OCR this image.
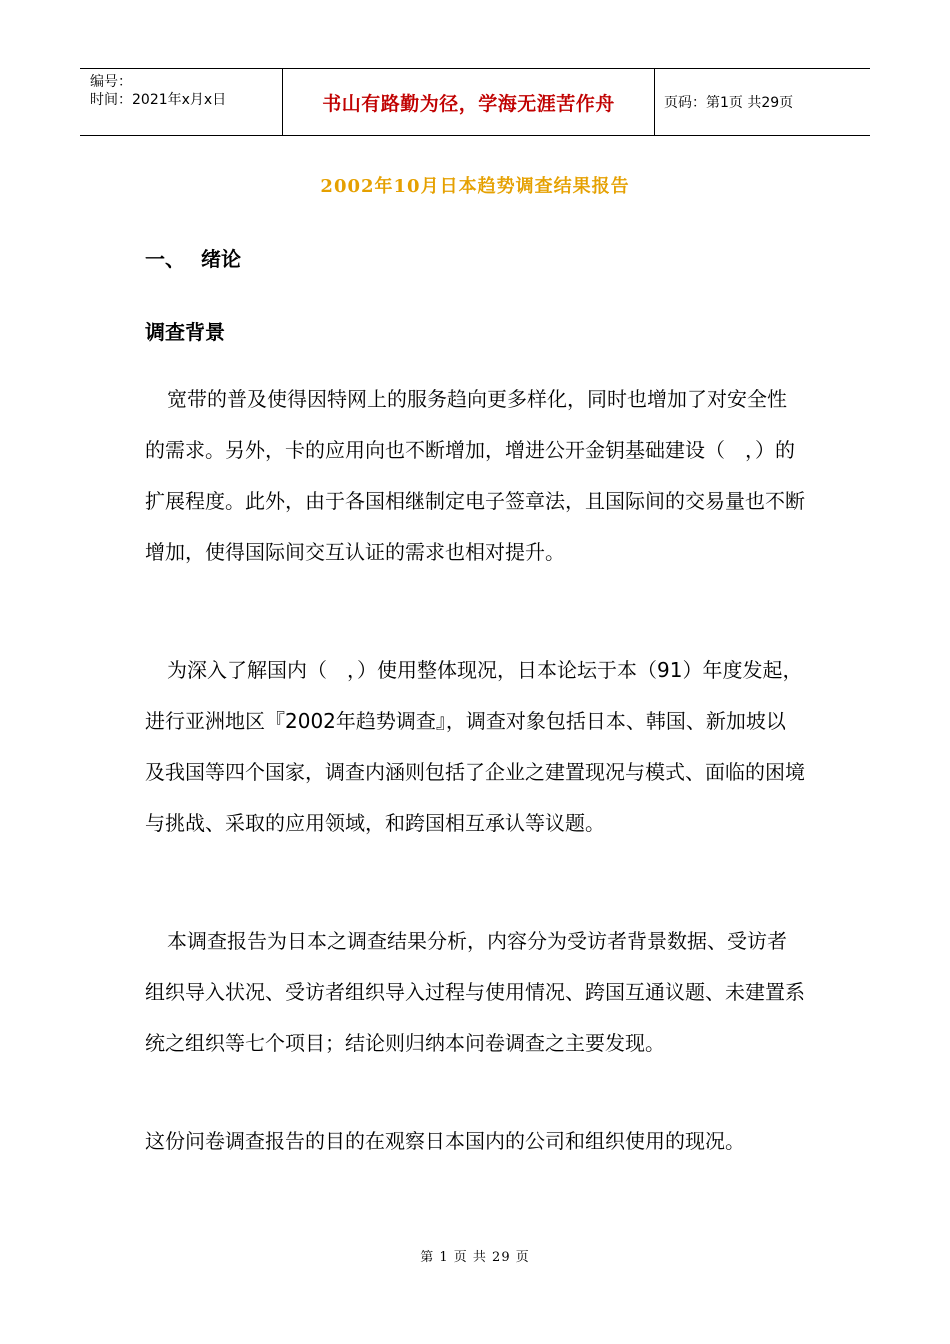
编号：
时间：2021年x月x日	书山有路勤为径，学海无涯苦作舟	页码：第1页 共29页
2002年10月日本趋势调查结果报告
一、 绪论
调查背景

宽带的普及使得因特网上的服务趋向更多样化，同时也增加了对安全性的需求。另外，卡的应用向也不断增加，增进公开金钥基础建设（　，）的扩展程度。此外，由于各国相继制定电子签章法，且国际间的交易量也不断增加，使得国际间交互认证的需求也相对提升。

为深入了解国内（　，）使用整体现况，日本论坛于本（91）年度发起，进行亚洲地区『2002年趋势调查』，调查对象包括日本、韩国、新加坡以及我国等四个国家，调查内涵则包括了企业之建置现况与模式、面临的困境与挑战、采取的应用领域，和跨国相互承认等议题。

本调查报告为日本之调查结果分析，内容分为受访者背景数据、受访者组织导入状况、受访者组织导入过程与使用情况、跨国互通议题、未建置系统之组织等七个项目；结论则归纳本问卷调查之主要发现。

这份问卷调查报告的目的在观察日本国内的公司和组织使用的现况。

第 1 页 共 29 页
